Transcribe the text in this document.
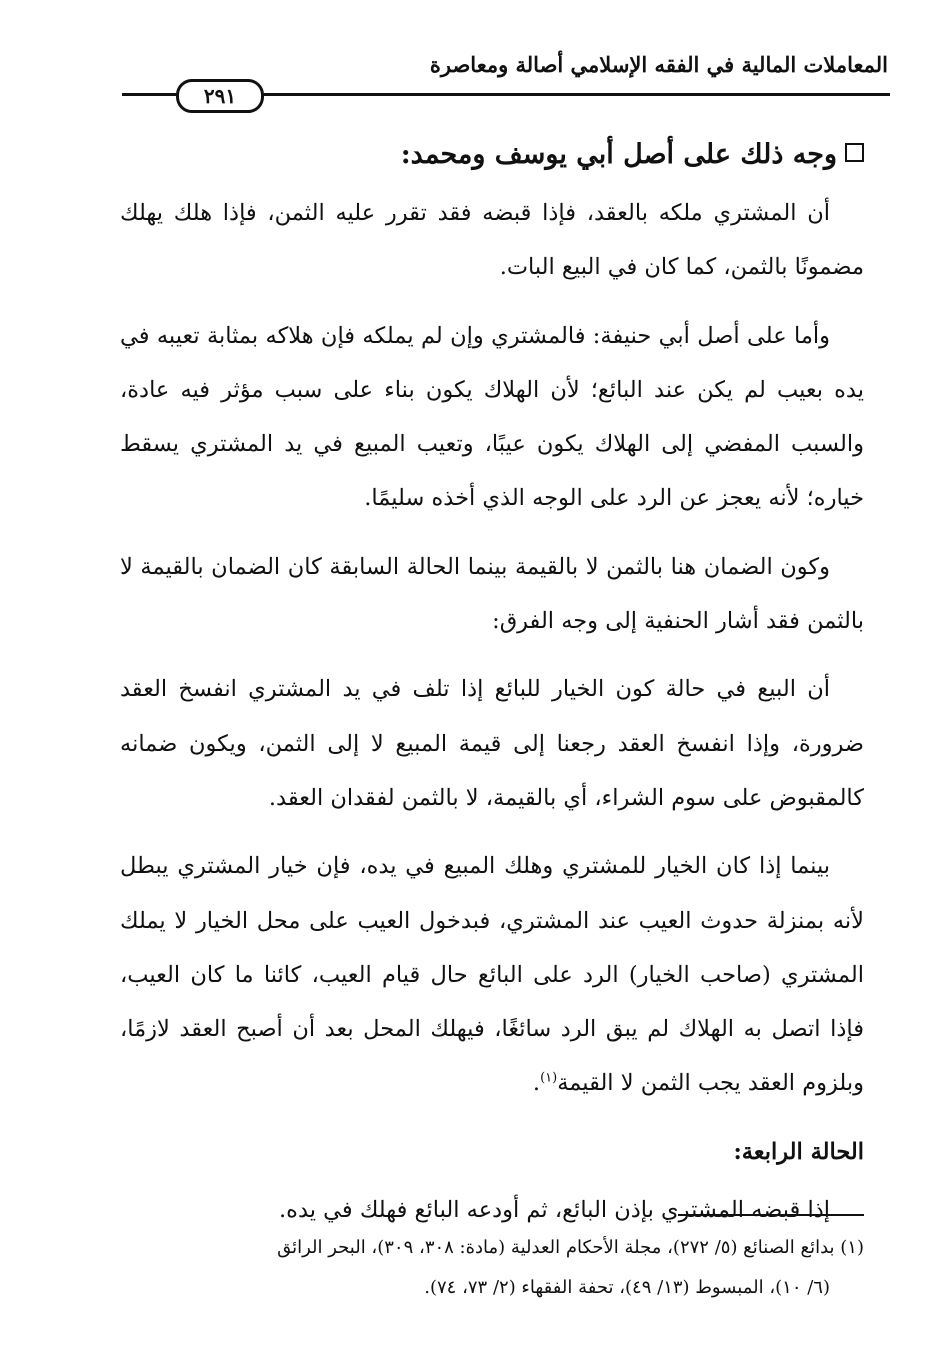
المعاملات المالية في الفقه الإسلامي أصالة ومعاصرة
٢٩١
وجه ذلك على أصل أبي يوسف ومحمد:

أن المشتري ملكه بالعقد، فإذا قبضه فقد تقرر عليه الثمن، فإذا هلك يهلك مضمونًا بالثمن، كما كان في البيع البات.

وأما على أصل أبي حنيفة: فالمشتري وإن لم يملكه فإن هلاكه بمثابة تعيبه في يده بعيب لم يكن عند البائع؛ لأن الهلاك يكون بناء على سبب مؤثر فيه عادة، والسبب المفضي إلى الهلاك يكون عيبًا، وتعيب المبيع في يد المشتري يسقط خياره؛ لأنه يعجز عن الرد على الوجه الذي أخذه سليمًا.

وكون الضمان هنا بالثمن لا بالقيمة بينما الحالة السابقة كان الضمان بالقيمة لا بالثمن فقد أشار الحنفية إلى وجه الفرق:

أن البيع في حالة كون الخيار للبائع إذا تلف في يد المشتري انفسخ العقد ضرورة، وإذا انفسخ العقد رجعنا إلى قيمة المبيع لا إلى الثمن، ويكون ضمانه كالمقبوض على سوم الشراء، أي بالقيمة، لا بالثمن لفقدان العقد.

بينما إذا كان الخيار للمشتري وهلك المبيع في يده، فإن خيار المشتري يبطل لأنه بمنزلة حدوث العيب عند المشتري، فبدخول العيب على محل الخيار لا يملك المشتري (صاحب الخيار) الرد على البائع حال قيام العيب، كائنا ما كان العيب، فإذا اتصل به الهلاك لم يبق الرد سائغًا، فيهلك المحل بعد أن أصبح العقد لازمًا، وبلزوم العقد يجب الثمن لا القيمة$^{(١)}$.

الحالة الرابعة:

إذا قبضه المشتري بإذن البائع، ثم أودعه البائع فهلك في يده.

(١) بدائع الصنائع (٥/ ٢٧٢)، مجلة الأحكام العدلية (مادة: ٣٠٨، ٣٠٩)، البحر الرائق

(٦/ ١٠)، المبسوط (١٣/ ٤٩)، تحفة الفقهاء (٢/ ٧٣، ٧٤).
